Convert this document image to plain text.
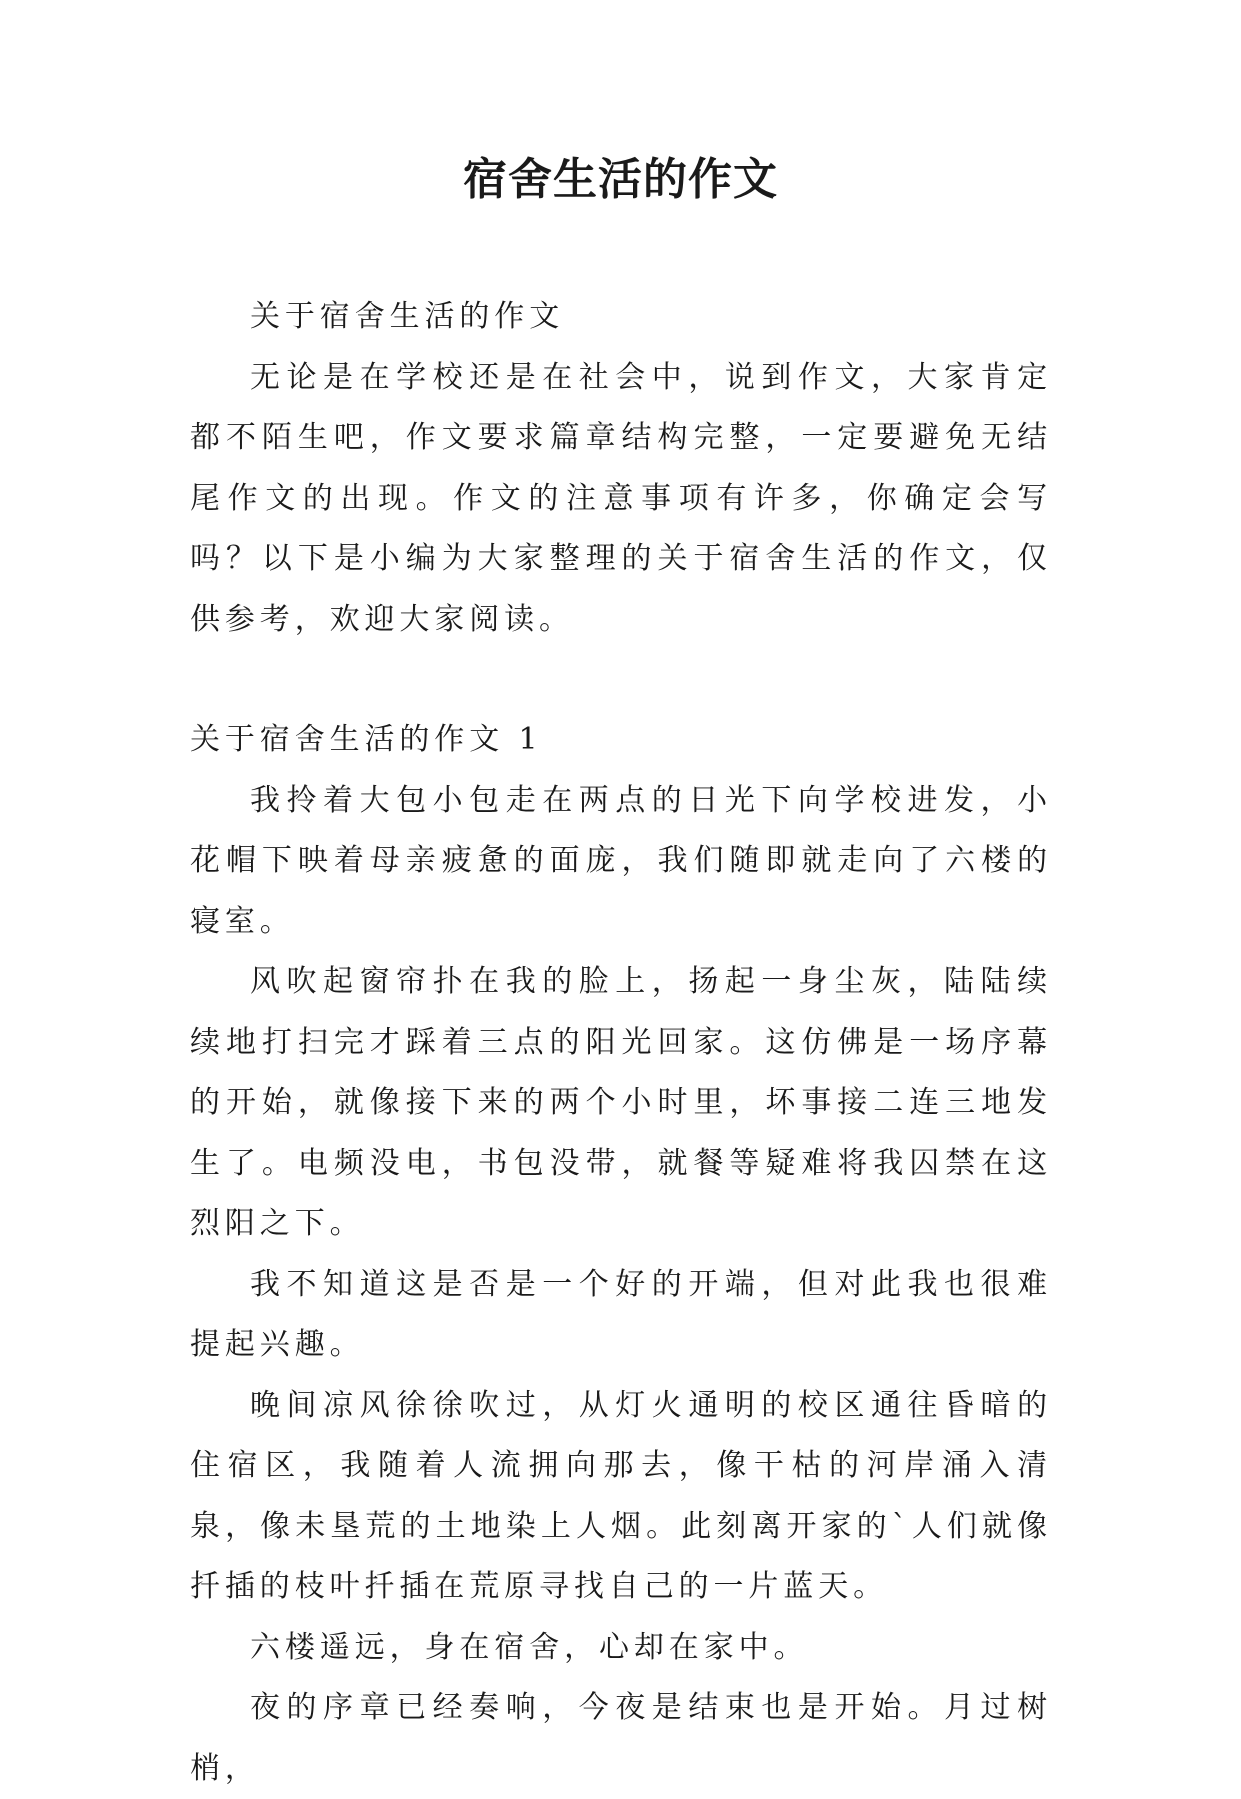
宿舍生活的作文

关于宿舍生活的作文

无论是在学校还是在社会中，说到作文，大家肯定都不陌生吧，作文要求篇章结构完整，一定要避免无结尾作文的出现。作文的注意事项有许多，你确定会写吗？以下是小编为大家整理的关于宿舍生活的作文，仅供参考，欢迎大家阅读。

关于宿舍生活的作文 1

我拎着大包小包走在两点的日光下向学校进发，小花帽下映着母亲疲惫的面庞，我们随即就走向了六楼的寝室。

风吹起窗帘扑在我的脸上，扬起一身尘灰，陆陆续续地打扫完才踩着三点的阳光回家。这仿佛是一场序幕的开始，就像接下来的两个小时里，坏事接二连三地发生了。电频没电，书包没带，就餐等疑难将我囚禁在这烈阳之下。

我不知道这是否是一个好的开端，但对此我也很难提起兴趣。

晚间凉风徐徐吹过，从灯火通明的校区通往昏暗的住宿区，我随着人流拥向那去，像干枯的河岸涌入清泉，像未垦荒的土地染上人烟。此刻离开家的`人们就像扦插的枝叶扦插在荒原寻找自己的一片蓝天。

六楼遥远，身在宿舍，心却在家中。

夜的序章已经奏响，今夜是结束也是开始。月过树梢，
